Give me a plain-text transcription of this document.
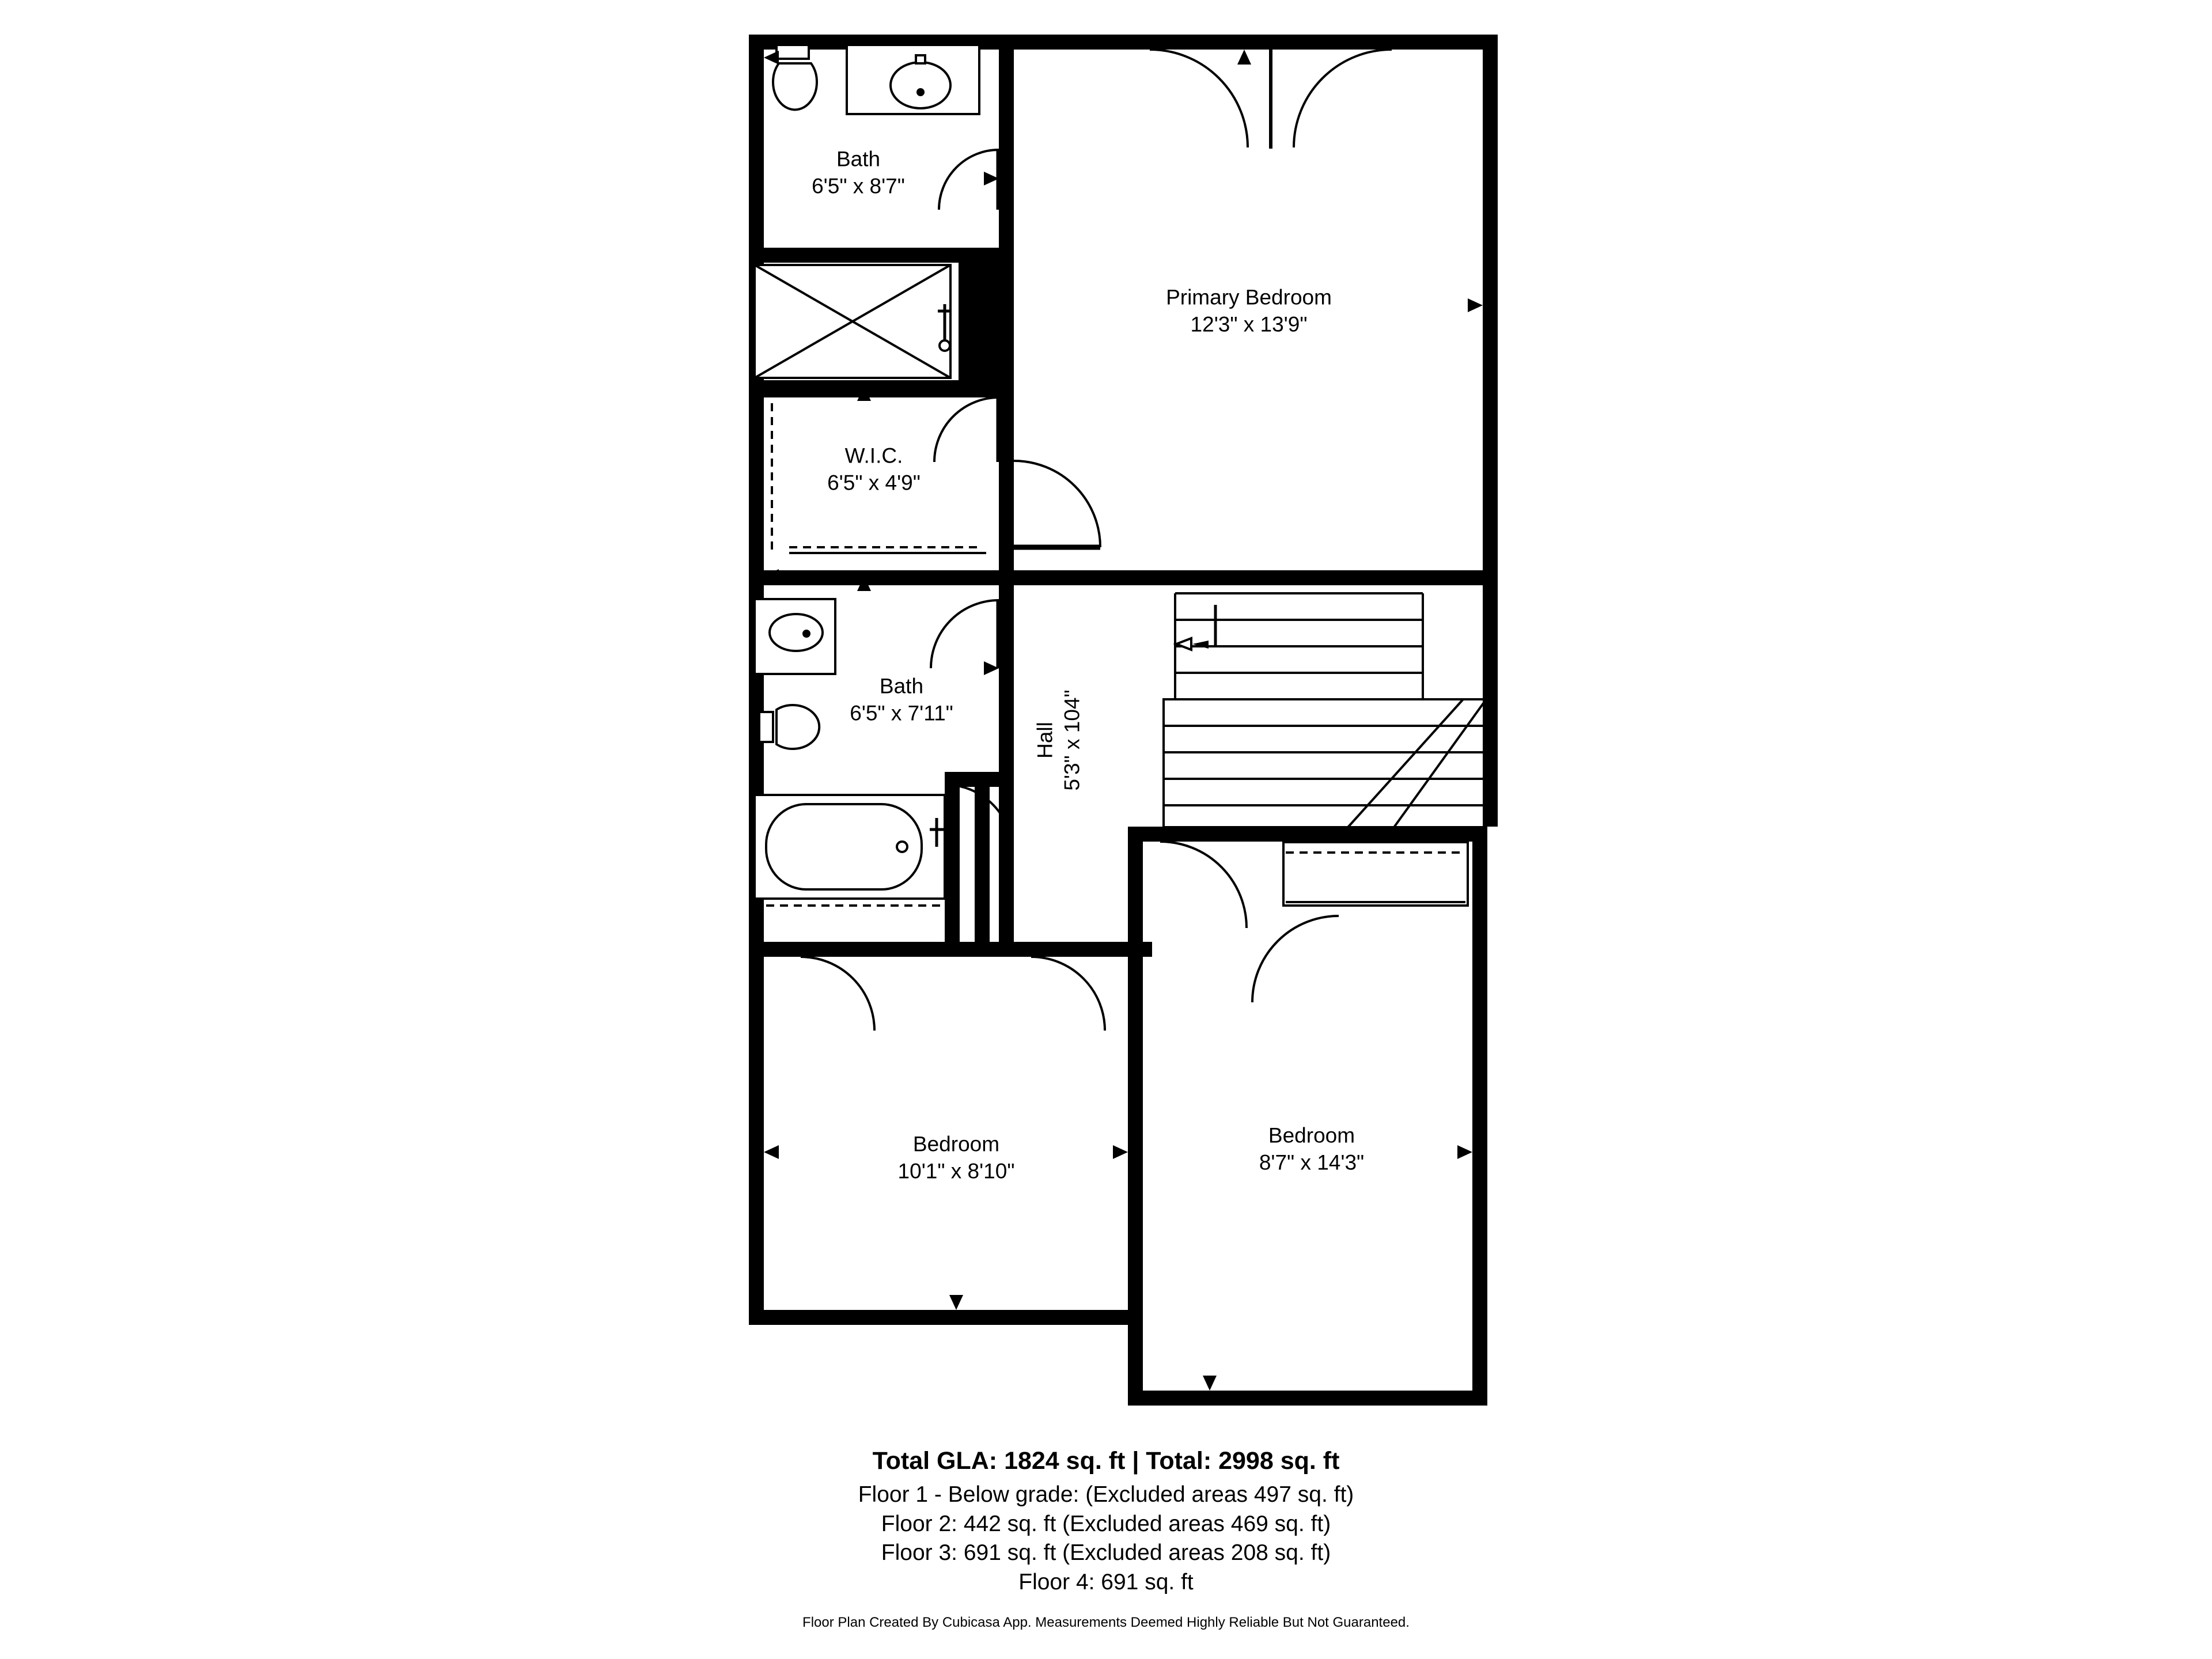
Bath
6'5" x 8'7"
Primary Bedroom
12'3" x 13'9"
W.I.C.
6'5" x 4'9"
Bath
6'5" x 7'11"
Hall 5'3" x 104"
Bedroom
10'1" x 8'10"
Bedroom
8'7" x 14'3"
Total GLA: 1824 sq. ft | Total: 2998 sq. ft
Floor 1 - Below grade: (Excluded areas 497 sq. ft)
Floor 2: 442 sq. ft (Excluded areas 469 sq. ft)
Floor 3: 691 sq. ft (Excluded areas 208 sq. ft)
Floor 4: 691 sq. ft
Floor Plan Created By Cubicasa App. Measurements Deemed Highly Reliable But Not Guaranteed.
